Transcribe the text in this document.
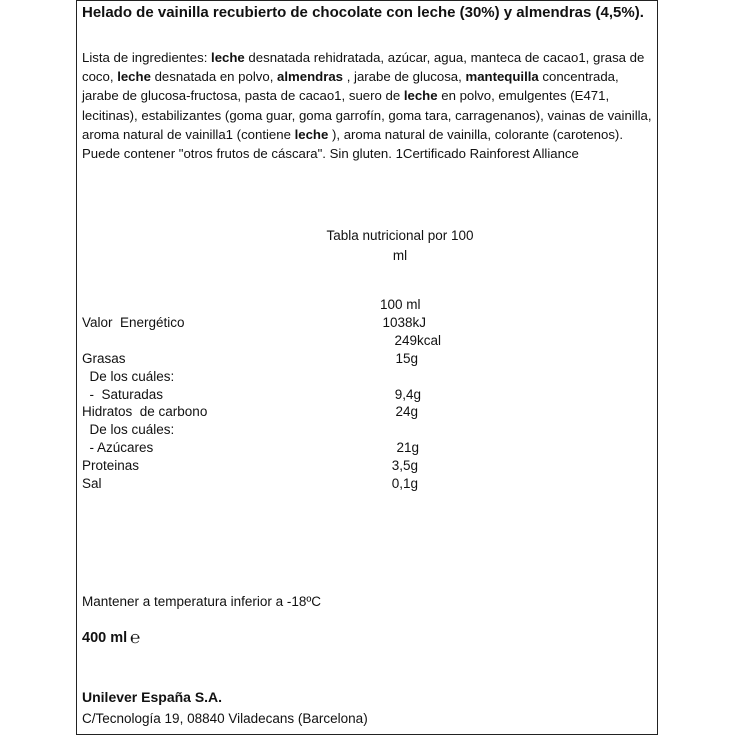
Helado de vainilla recubierto de chocolate con leche (30%) y almendras (4,5%).

Lista de ingredientes: leche desnatada rehidratada, azúcar, agua, manteca de cacao1, grasa de coco, leche desnatada en polvo, almendras , jarabe de glucosa, mantequilla concentrada, jarabe de glucosa-fructosa, pasta de cacao1, suero de leche en polvo, emulgentes (E471, lecitinas), estabilizantes (goma guar, goma garrofín, goma tara, carragenanos), vainas de vainilla, aroma natural de vainilla1 (contiene leche ), aroma natural de vainilla, colorante (carotenos). Puede contener "otros frutos de cáscara". Sin gluten. 1Certificado Rainforest Alliance

Tabla nutricional por 100
ml
100 ml
Valor  Energético	1038kJ
249kcal
Grasas	15g
De los cuáles:
-  Saturadas	9,4g
Hidratos  de carbono	24g
De los cuáles:
- Azúcares	21g
Proteinas	3,5g
Sal	0,1g
Mantener a temperatura inferior a -18ºC
400 ml ℮
Unilever España S.A.
C/Tecnología 19, 08840 Viladecans (Barcelona)
